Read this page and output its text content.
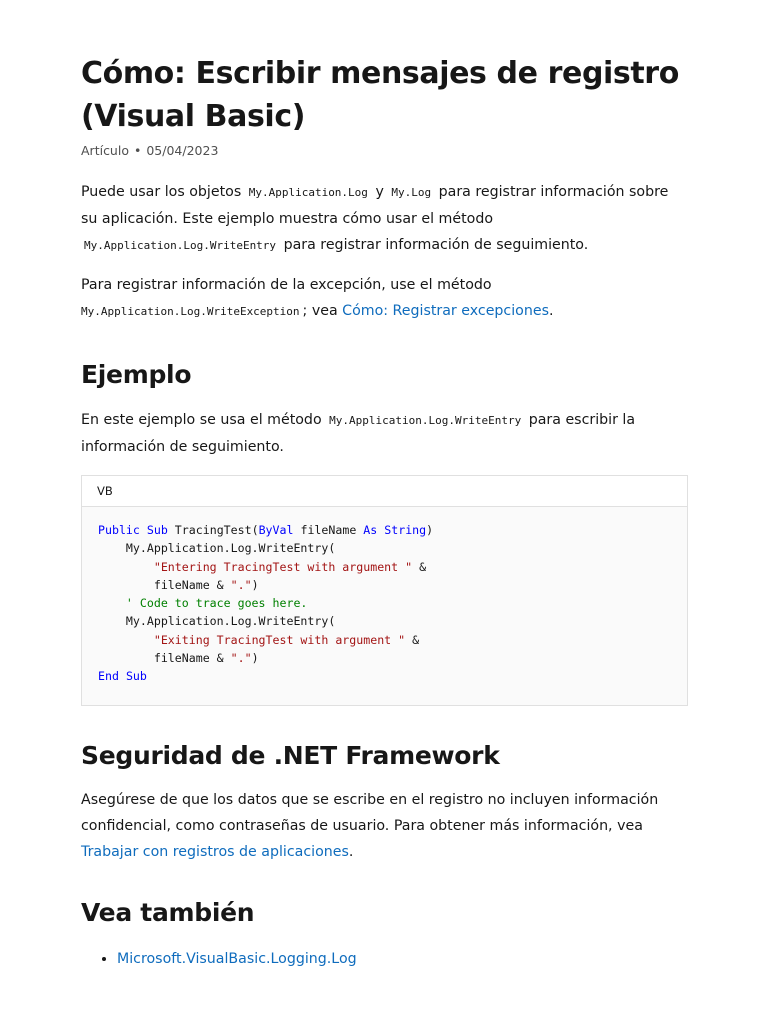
Cómo: Escribir mensajes de registro (Visual Basic)
Artículo • 05/04/2023

Puede usar los objetos My.Application.Log y My.Log para registrar información sobre su aplicación. Este ejemplo muestra cómo usar el método My.Application.Log.WriteEntry para registrar información de seguimiento.

Para registrar información de la excepción, use el método My.Application.Log.WriteException ; vea Cómo: Registrar excepciones.

Ejemplo

En este ejemplo se usa el método My.Application.Log.WriteEntry para escribir la información de seguimiento.

VB
Public Sub TracingTest(ByVal fileName As String)
My.Application.Log.WriteEntry(
"Entering TracingTest with argument " &
fileName & ".")
' Code to trace goes here.
My.Application.Log.WriteEntry(
"Exiting TracingTest with argument " &
fileName & ".")
End Sub
Seguridad de .NET Framework

Asegúrese de que los datos que se escribe en el registro no incluyen información confidencial, como contraseñas de usuario. Para obtener más información, vea Trabajar con registros de aplicaciones.

Vea también
• Microsoft.VisualBasic.Logging.Log
